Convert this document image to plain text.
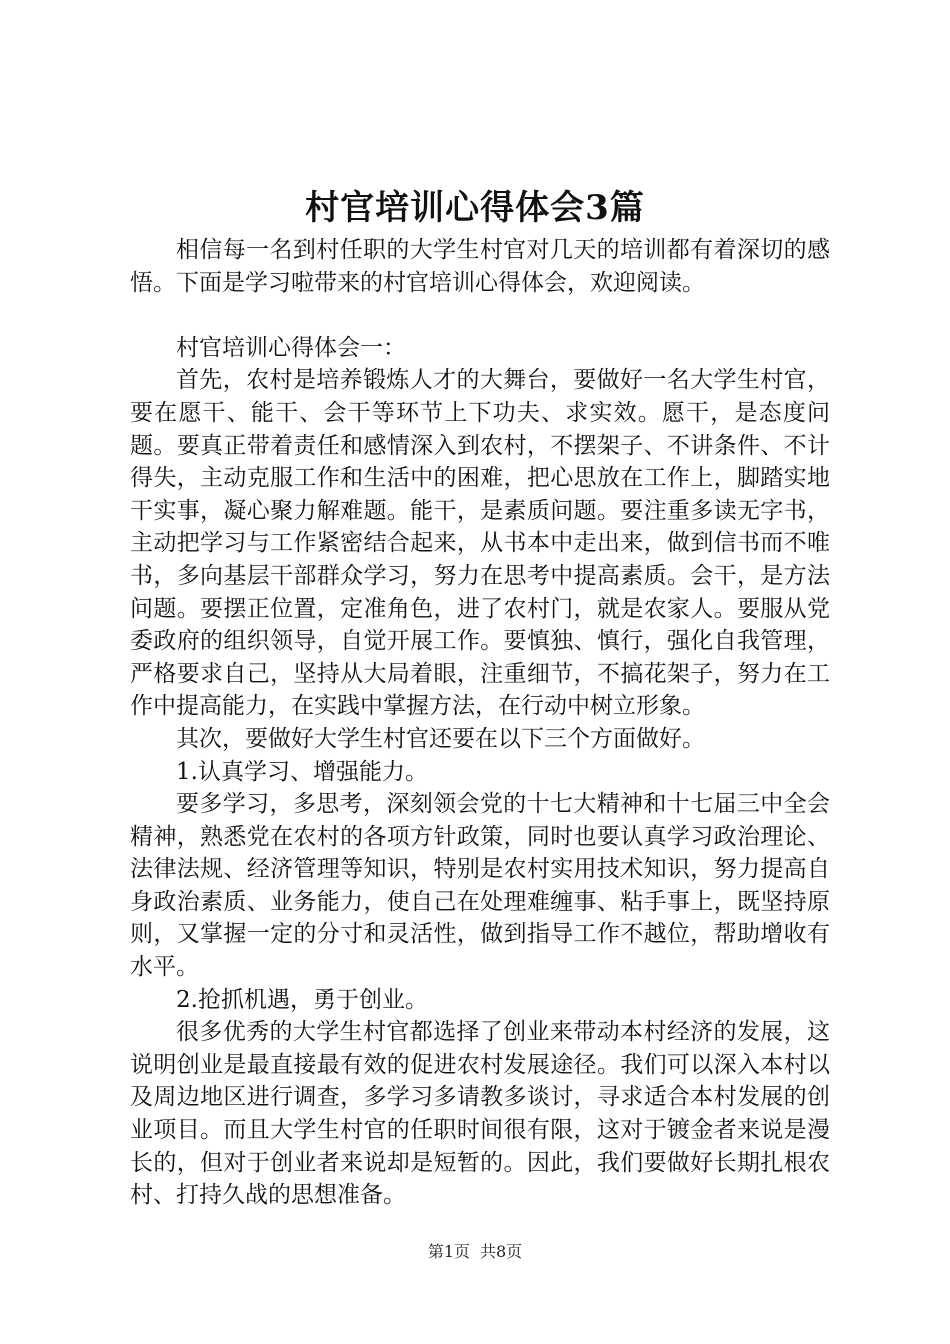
村官培训心得体会3篇

相信每一名到村任职的大学生村官对几天的培训都有着深切的感悟。下面是学习啦带来的村官培训心得体会，欢迎阅读。

村官培训心得体会一：

首先，农村是培养锻炼人才的大舞台，要做好一名大学生村官，要在愿干、能干、会干等环节上下功夫、求实效。愿干，是态度问题。要真正带着责任和感情深入到农村，不摆架子、不讲条件、不计得失，主动克服工作和生活中的困难，把心思放在工作上，脚踏实地干实事，凝心聚力解难题。能干，是素质问题。要注重多读无字书，主动把学习与工作紧密结合起来，从书本中走出来，做到信书而不唯书，多向基层干部群众学习，努力在思考中提高素质。会干，是方法问题。要摆正位置，定准角色，进了农村门，就是农家人。要服从党委政府的组织领导，自觉开展工作。要慎独、慎行，强化自我管理，严格要求自己，坚持从大局着眼，注重细节，不搞花架子，努力在工作中提高能力，在实践中掌握方法，在行动中树立形象。

其次，要做好大学生村官还要在以下三个方面做好。

1.认真学习、增强能力。

要多学习，多思考，深刻领会党的十七大精神和十七届三中全会精神，熟悉党在农村的各项方针政策，同时也要认真学习政治理论、法律法规、经济管理等知识，特别是农村实用技术知识，努力提高自身政治素质、业务能力，使自己在处理难缠事、粘手事上，既坚持原则，又掌握一定的分寸和灵活性，做到指导工作不越位，帮助增收有水平。

2.抢抓机遇，勇于创业。

很多优秀的大学生村官都选择了创业来带动本村经济的发展，这说明创业是最直接最有效的促进农村发展途径。我们可以深入本村以及周边地区进行调查，多学习多请教多谈讨，寻求适合本村发展的创业项目。而且大学生村官的任职时间很有限，这对于镀金者来说是漫长的，但对于创业者来说却是短暂的。因此，我们要做好长期扎根农村、打持久战的思想准备。

第1页 共8页
